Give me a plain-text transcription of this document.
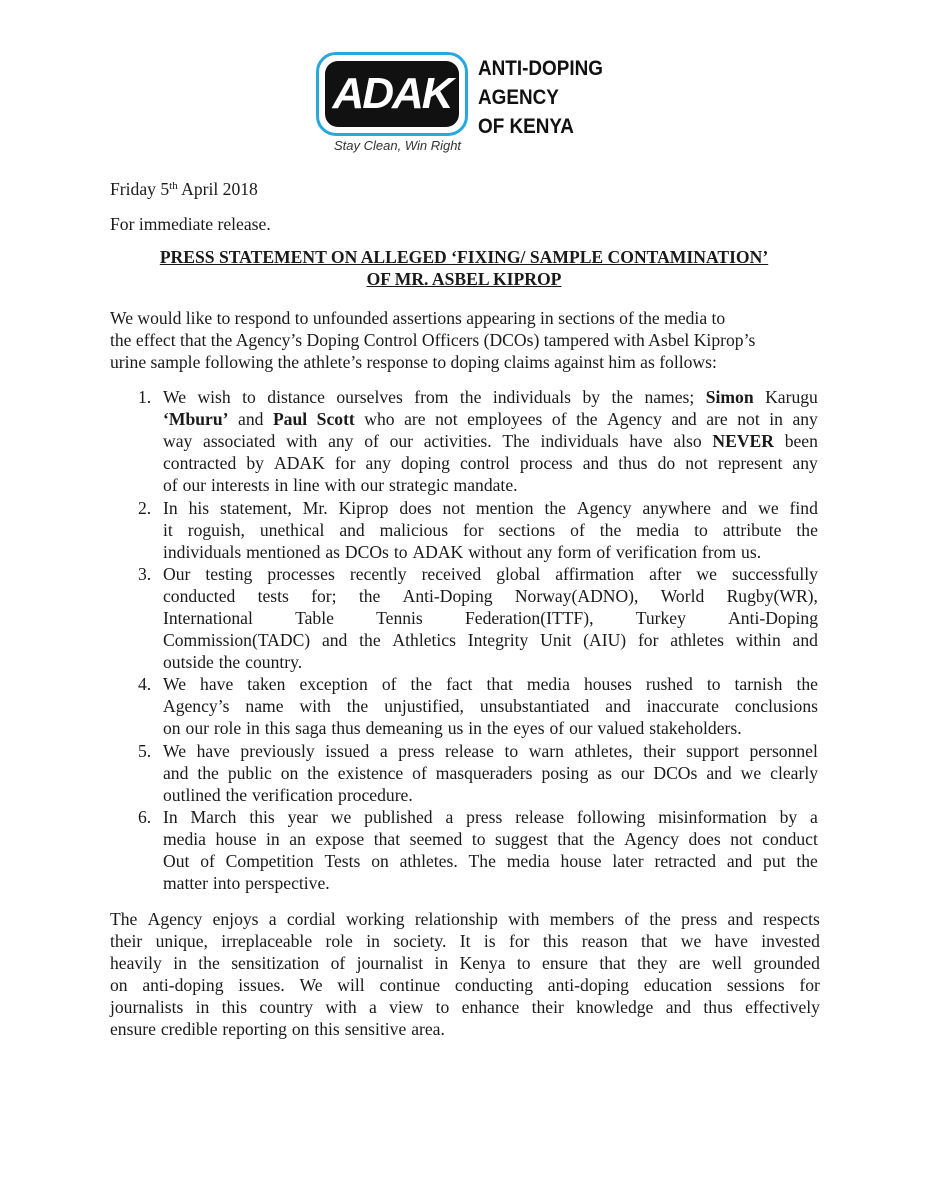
ADAK
ANTI-DOPING
AGENCY
OF KENYA
Stay Clean, Win Right
Friday 5th April 2018
For immediate release.
PRESS STATEMENT ON ALLEGED ‘FIXING/ SAMPLE CONTAMINATION’
OF MR. ASBEL KIPROP
We would like to respond to unfounded assertions appearing in sections of the media to
the effect that the Agency’s Doping Control Officers (DCOs) tampered with Asbel Kiprop’s
urine sample following the athlete’s response to doping claims against him as follows:
1. We wish to distance ourselves from the individuals by the names; Simon Karugu
‘Mburu’ and Paul Scott who are not employees of the Agency and are not in any
way associated with any of our activities. The individuals have also NEVER been
contracted by ADAK for any doping control process and thus do not represent any
of our interests in line with our strategic mandate.
2. In his statement, Mr. Kiprop does not mention the Agency anywhere and we find
it roguish, unethical and malicious for sections of the media to attribute the
individuals mentioned as DCOs to ADAK without any form of verification from us.
3. Our testing processes recently received global affirmation after we successfully
conducted tests for; the Anti-Doping Norway(ADNO), World Rugby(WR),
International Table Tennis Federation(ITTF), Turkey Anti-Doping
Commission(TADC) and the Athletics Integrity Unit (AIU) for athletes within and
outside the country.
4. We have taken exception of the fact that media houses rushed to tarnish the
Agency’s name with the unjustified, unsubstantiated and inaccurate conclusions
on our role in this saga thus demeaning us in the eyes of our valued stakeholders.
5. We have previously issued a press release to warn athletes, their support personnel
and the public on the existence of masqueraders posing as our DCOs and we clearly
outlined the verification procedure.
6. In March this year we published a press release following misinformation by a
media house in an expose that seemed to suggest that the Agency does not conduct
Out of Competition Tests on athletes. The media house later retracted and put the
matter into perspective.
The Agency enjoys a cordial working relationship with members of the press and respects
their unique, irreplaceable role in society. It is for this reason that we have invested
heavily in the sensitization of journalist in Kenya to ensure that they are well grounded
on anti-doping issues. We will continue conducting anti-doping education sessions for
journalists in this country with a view to enhance their knowledge and thus effectively
ensure credible reporting on this sensitive area.
